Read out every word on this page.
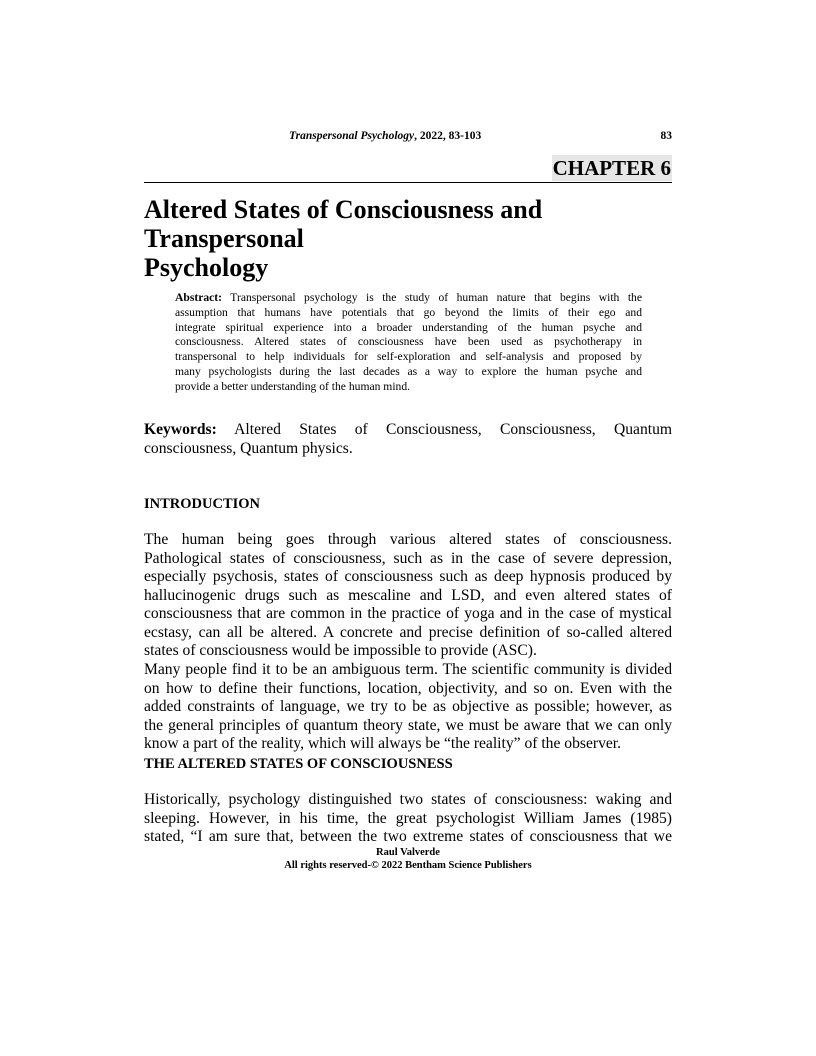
Transpersonal Psychology, 2022, 83-103	83
CHAPTER 6
Altered States of Consciousness and Transpersonal
Psychology
Abstract: Transpersonal psychology is the study of human nature that begins with the
assumption that humans have potentials that go beyond the limits of their ego and
integrate spiritual experience into a broader understanding of the human psyche and
consciousness. Altered states of consciousness have been used as psychotherapy in
transpersonal to help individuals for self-exploration and self-analysis and proposed by
many psychologists during the last decades as a way to explore the human psyche and
provide a better understanding of the human mind.
Keywords: Altered States of Consciousness, Consciousness, Quantum
consciousness, Quantum physics.
INTRODUCTION
The human being goes through various altered states of consciousness.
Pathological states of consciousness, such as in the case of severe depression,
especially psychosis, states of consciousness such as deep hypnosis produced by
hallucinogenic drugs such as mescaline and LSD, and even altered states of
consciousness that are common in the practice of yoga and in the case of mystical
ecstasy, can all be altered. A concrete and precise definition of so-called altered
states of consciousness would be impossible to provide (ASC).
Many people find it to be an ambiguous term. The scientific community is divided
on how to define their functions, location, objectivity, and so on. Even with the
added constraints of language, we try to be as objective as possible; however, as
the general principles of quantum theory state, we must be aware that we can only
know a part of the reality, which will always be “the reality” of the observer.
THE ALTERED STATES OF CONSCIOUSNESS
Historically, psychology distinguished two states of consciousness: waking and
sleeping. However, in his time, the great psychologist William James (1985)
stated, “I am sure that, between the two extreme states of consciousness that we
Raul Valverde
All rights reserved-© 2022 Bentham Science Publishers
